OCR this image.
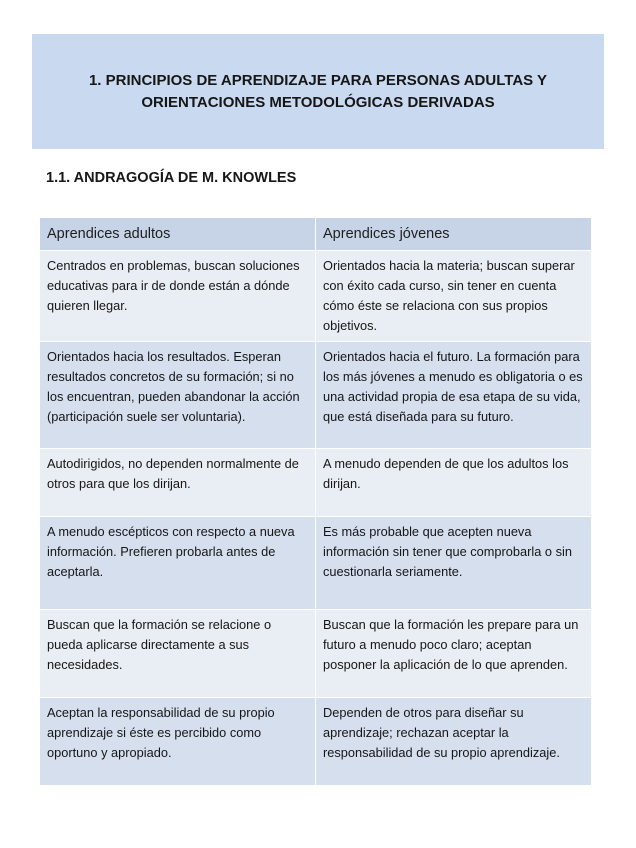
1. PRINCIPIOS DE APRENDIZAJE PARA PERSONAS ADULTAS Y ORIENTACIONES METODOLÓGICAS DERIVADAS
1.1. ANDRAGOGÍA DE M. KNOWLES
Aprendices adultos	Aprendices jóvenes
Centrados en problemas, buscan soluciones educativas para ir de donde están a dónde quieren llegar.	Orientados hacia la materia; buscan superar con éxito cada curso, sin tener en cuenta cómo éste se relaciona con sus propios objetivos.
Orientados hacia los resultados. Esperan resultados concretos de su formación; si no los encuentran, pueden abandonar la acción (participación suele ser voluntaria).	Orientados hacia el futuro. La formación para los más jóvenes a menudo es obligatoria o es una actividad propia de esa etapa de su vida, que está diseñada para su futuro.
Autodirigidos, no dependen normalmente de otros para que los dirijan.	A menudo dependen de que los adultos los dirijan.
A menudo escépticos con respecto a nueva información. Prefieren probarla antes de aceptarla.	Es más probable que acepten nueva información sin tener que comprobarla o sin cuestionarla seriamente.
Buscan que la formación se relacione o pueda aplicarse directamente a sus necesidades.	Buscan que la formación les prepare para un futuro a menudo poco claro; aceptan posponer la aplicación de lo que aprenden.
Aceptan la responsabilidad de su propio aprendizaje si éste es percibido como oportuno y apropiado.	Dependen de otros para diseñar su aprendizaje; rechazan aceptar la responsabilidad de su propio aprendizaje.
